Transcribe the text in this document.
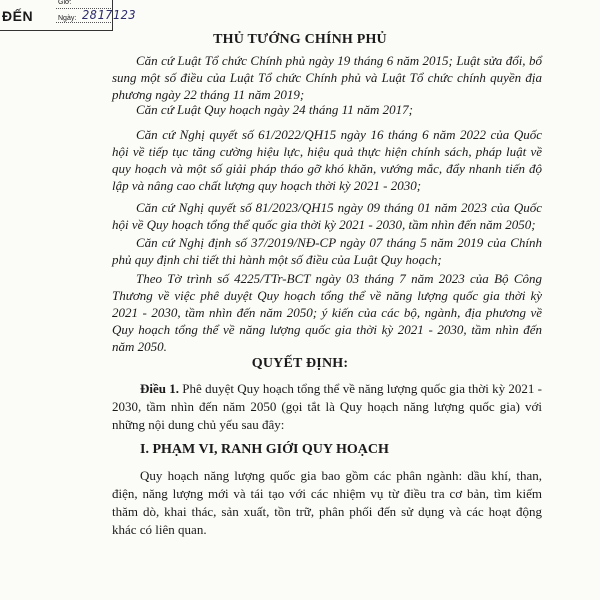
ĐẾN
Giờ:
Ngày: 2817123
THỦ TƯỚNG CHÍNH PHỦ

Căn cứ Luật Tổ chức Chính phủ ngày 19 tháng 6 năm 2015; Luật sửa đổi, bổ sung một số điều của Luật Tổ chức Chính phủ và Luật Tổ chức chính quyền địa phương ngày 22 tháng 11 năm 2019;

Căn cứ Luật Quy hoạch ngày 24 tháng 11 năm 2017;

Căn cứ Nghị quyết số 61/2022/QH15 ngày 16 tháng 6 năm 2022 của Quốc hội về tiếp tục tăng cường hiệu lực, hiệu quả thực hiện chính sách, pháp luật về quy hoạch và một số giải pháp tháo gỡ khó khăn, vướng mắc, đẩy nhanh tiến độ lập và nâng cao chất lượng quy hoạch thời kỳ 2021 - 2030;

Căn cứ Nghị quyết số 81/2023/QH15 ngày 09 tháng 01 năm 2023 của Quốc hội về Quy hoạch tổng thể quốc gia thời kỳ 2021 - 2030, tầm nhìn đến năm 2050;

Căn cứ Nghị định số 37/2019/NĐ-CP ngày 07 tháng 5 năm 2019 của Chính phủ quy định chi tiết thi hành một số điều của Luật Quy hoạch;

Theo Tờ trình số 4225/TTr-BCT ngày 03 tháng 7 năm 2023 của Bộ Công Thương về việc phê duyệt Quy hoạch tổng thể về năng lượng quốc gia thời kỳ 2021 - 2030, tầm nhìn đến năm 2050; ý kiến của các bộ, ngành, địa phương về Quy hoạch tổng thể về năng lượng quốc gia thời kỳ 2021 - 2030, tầm nhìn đến năm 2050.

QUYẾT ĐỊNH:

Điều 1. Phê duyệt Quy hoạch tổng thể về năng lượng quốc gia thời kỳ 2021 - 2030, tầm nhìn đến năm 2050 (gọi tắt là Quy hoạch năng lượng quốc gia) với những nội dung chủ yếu sau đây:

I. PHẠM VI, RANH GIỚI QUY HOẠCH

Quy hoạch năng lượng quốc gia bao gồm các phân ngành: dầu khí, than, điện, năng lượng mới và tái tạo với các nhiệm vụ từ điều tra cơ bản, tìm kiếm thăm dò, khai thác, sản xuất, tồn trữ, phân phối đến sử dụng và các hoạt động khác có liên quan.
